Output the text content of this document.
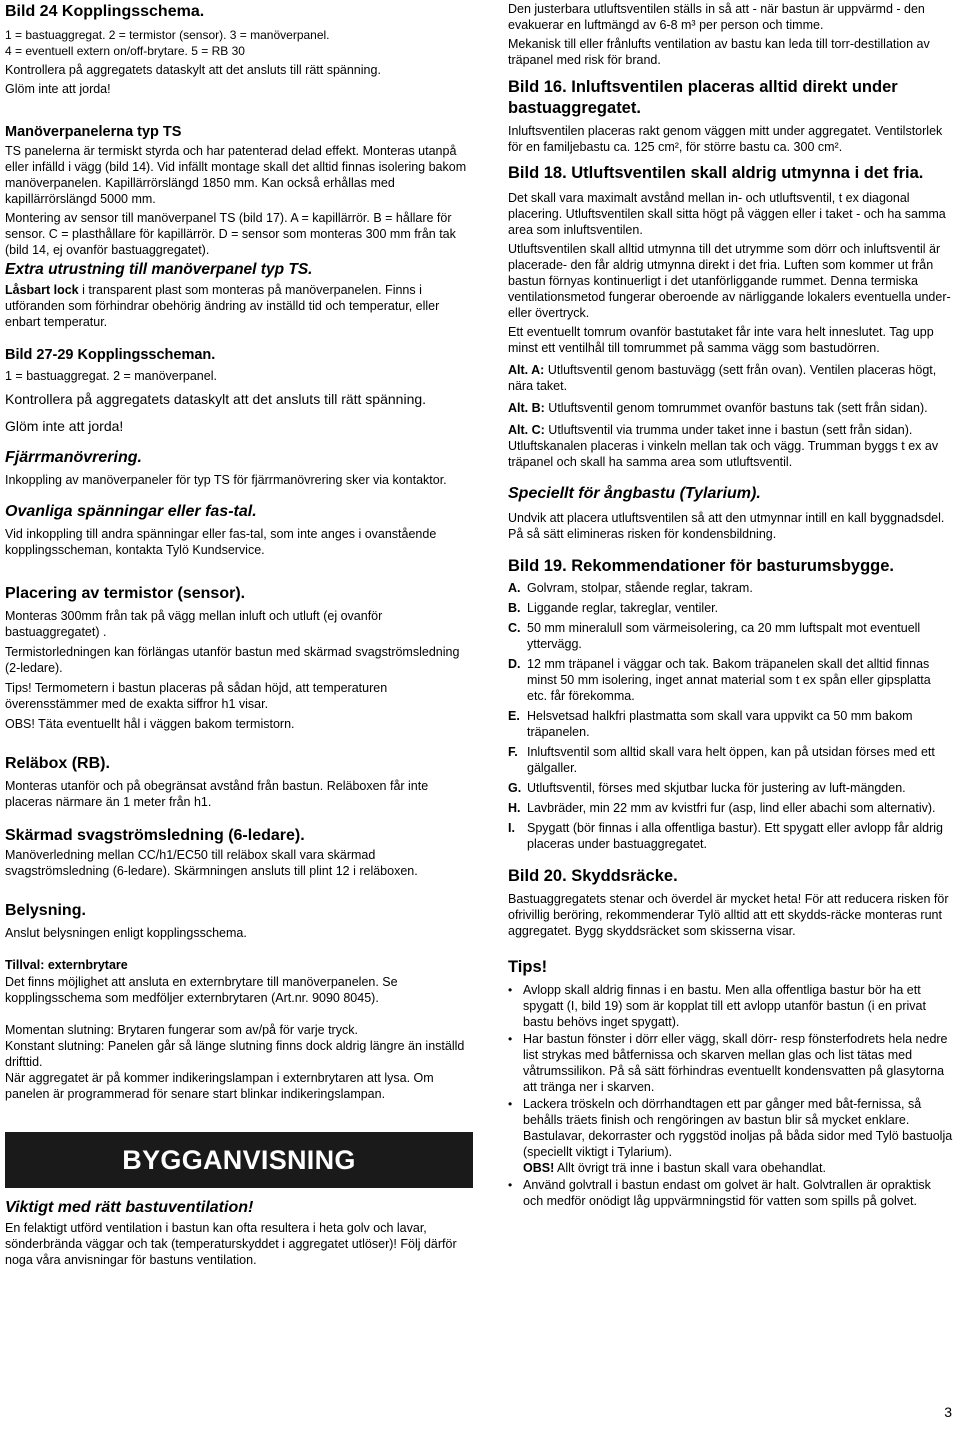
Bild 24 Kopplingsschema.

1 = bastuaggregat. 2 = termistor (sensor). 3 = manöverpanel.

4 = eventuell extern on/off-brytare. 5 = RB 30

Kontrollera på aggregatets dataskylt att det ansluts till rätt spänning.

Glöm inte att jorda!

Manöverpanelerna typ TS

TS panelerna är termiskt styrda och har patenterad delad effekt. Monteras utanpå eller infälld i vägg (bild 14). Vid infällt montage skall det alltid finnas isolering bakom manöverpanelen. Kapillärrörslängd 1850 mm. Kan också erhållas med kapillärrörslängd 5000 mm.

Montering av sensor till manöverpanel TS (bild 17). A = kapillärrör. B = hållare för sensor. C = plasthållare för kapillärrör. D = sensor som monteras 300 mm från tak (bild 14, ej ovanför bastuaggregatet).

Extra utrustning till manöverpanel typ TS.

Låsbart lock i transparent plast som monteras på manöverpanelen. Finns i utföranden som förhindrar obehörig ändring av inställd tid och temperatur, eller enbart temperatur.

Bild 27-29 Kopplingsscheman.

1 = bastuaggregat. 2 = manöverpanel.

Kontrollera på aggregatets dataskylt att det ansluts till rätt spänning.

Glöm inte att jorda!

Fjärrmanövrering.

Inkoppling av manöverpaneler för typ TS för fjärrmanövrering sker via kontaktor.

Ovanliga spänningar eller fas-tal.

Vid inkoppling till andra spänningar eller fas-tal, som inte anges i ovanstående kopplingsscheman, kontakta Tylö Kundservice.

Placering av termistor (sensor).

Monteras 300mm från tak på vägg mellan inluft och utluft (ej ovanför bastuaggregatet) .

Termistorledningen kan förlängas utanför bastun med skärmad svagströmsledning (2-ledare).

Tips! Termometern i bastun placeras på sådan höjd, att temperaturen överensstämmer med de exakta siffror h1 visar.

OBS! Täta eventuellt hål i väggen bakom termistorn.

Reläbox (RB).

Monteras utanför och på obegränsat avstånd från bastun. Reläboxen får inte placeras närmare än 1 meter från h1.

Skärmad svagströmsledning (6-ledare).

Manöverledning mellan CC/h1/EC50 till reläbox skall vara skärmad svagströmsledning (6-ledare). Skärmningen ansluts till plint 12 i reläboxen.

Belysning.

Anslut belysningen enligt kopplingsschema.

Tillval: externbrytare

Det finns möjlighet att ansluta en externbrytare till manöverpanelen. Se kopplingsschema som medföljer externbrytaren (Art.nr. 9090 8045).

Momentan slutning: Brytaren fungerar som av/på för varje tryck.

Konstant slutning: Panelen går så länge slutning finns dock aldrig längre än inställd drifttid.

När aggregatet är på kommer indikeringslampan i externbrytaren att lysa. Om panelen är programmerad för senare start blinkar indikeringslampan.

BYGGANVISNING
Viktigt med rätt bastuventilation!

En felaktigt utförd ventilation i bastun kan ofta resultera i heta golv och lavar, sönderbrända väggar och tak (temperaturskyddet i aggregatet utlöser)! Följ därför noga våra anvisningar för bastuns ventilation.

Den justerbara utluftsventilen ställs in så att - när bastun är uppvärmd - den evakuerar en luftmängd av 6-8 m³ per person och timme.

Mekanisk till eller frånlufts ventilation av bastu kan leda till torr-destillation av träpanel med risk för brand.

Bild 16. Inluftsventilen placeras alltid direkt under bastuaggregatet.

Inluftsventilen placeras rakt genom väggen mitt under aggregatet. Ventilstorlek för en familjebastu ca. 125 cm², för större bastu ca. 300 cm².

Bild 18. Utluftsventilen skall aldrig utmynna i det fria.

Det skall vara maximalt avstånd mellan in- och utluftsventil, t ex diagonal placering. Utluftsventilen skall sitta högt på väggen eller i taket - och ha samma area som inluftsventilen.

Utluftsventilen skall alltid utmynna till det utrymme som dörr och inluftsventil är placerade- den får aldrig utmynna direkt i det fria. Luften som kommer ut från bastun förnyas kontinuerligt i det utanförliggande rummet. Denna termiska ventilationsmetod fungerar oberoende av närliggande lokalers eventuella under- eller övertryck.

Ett eventuellt tomrum ovanför bastutaket får inte vara helt inneslutet. Tag upp minst ett ventilhål till tomrummet på samma vägg som bastudörren.

Alt. A: Utluftsventil genom bastuvägg (sett från ovan). Ventilen placeras högt, nära taket.

Alt. B: Utluftsventil genom tomrummet ovanför bastuns tak (sett från sidan).

Alt. C: Utluftsventil via trumma under taket inne i bastun (sett från sidan). Utluftskanalen placeras i vinkeln mellan tak och vägg. Trumman byggs t ex av träpanel och skall ha samma area som utluftsventil.

Speciellt för ångbastu (Tylarium).

Undvik att placera utluftsventilen så att den utmynnar intill en kall byggnadsdel. På så sätt elimineras risken för kondensbildning.

Bild 19. Rekommendationer för basturumsbygge.
A. Golvram, stolpar, stående reglar, takram.
B. Liggande reglar, takreglar, ventiler.
C. 50 mm mineralull som värmeisolering, ca 20 mm luftspalt mot eventuell yttervägg.
D. 12 mm träpanel i väggar och tak. Bakom träpanelen skall det alltid finnas minst 50 mm isolering, inget annat material som t ex spån eller gipsplatta etc. får förekomma.
E. Helsvetsad halkfri plastmatta som skall vara uppvikt ca 50 mm bakom träpanelen.
F. Inluftsventil som alltid skall vara helt öppen, kan på utsidan förses med ett gälgaller.
G. Utluftsventil, förses med skjutbar lucka för justering av luft-mängden.
H. Lavbräder, min 22 mm av kvistfri fur (asp, lind eller abachi som alternativ).
I. Spygatt (bör finnas i alla offentliga bastur). Ett spygatt eller avlopp får aldrig placeras under bastuaggregatet.
Bild 20. Skyddsräcke.

Bastuaggregatets stenar och överdel är mycket heta! För att reducera risken för ofrivillig beröring, rekommenderar Tylö alltid att ett skydds-räcke monteras runt aggregatet. Bygg skyddsräcket som skisserna visar.

Tips!
• Avlopp skall aldrig finnas i en bastu. Men alla offentliga bastur bör ha ett spygatt (I, bild 19) som är kopplat till ett avlopp utanför bastun (i en privat bastu behövs inget spygatt).
• Har bastun fönster i dörr eller vägg, skall dörr- resp fönsterfodrets hela nedre list strykas med båtfernissa och skarven mellan glas och list tätas med våtrumssilikon. På så sätt förhindras eventuellt kondensvatten på glasytorna att tränga ner i skarven.
• Lackera tröskeln och dörrhandtagen ett par gånger med båt-fernissa, så behålls träets finish och rengöringen av bastun blir så mycket enklare. Bastulavar, dekorraster och ryggstöd inoljas på båda sidor med Tylö bastuolja (speciellt viktigt i Tylarium).
OBS! Allt övrigt trä inne i bastun skall vara obehandlat.
• Använd golvtrall i bastun endast om golvet är halt. Golvtrallen är opraktisk och medför onödigt låg uppvärmningstid för vatten som spills på golvet.
3
